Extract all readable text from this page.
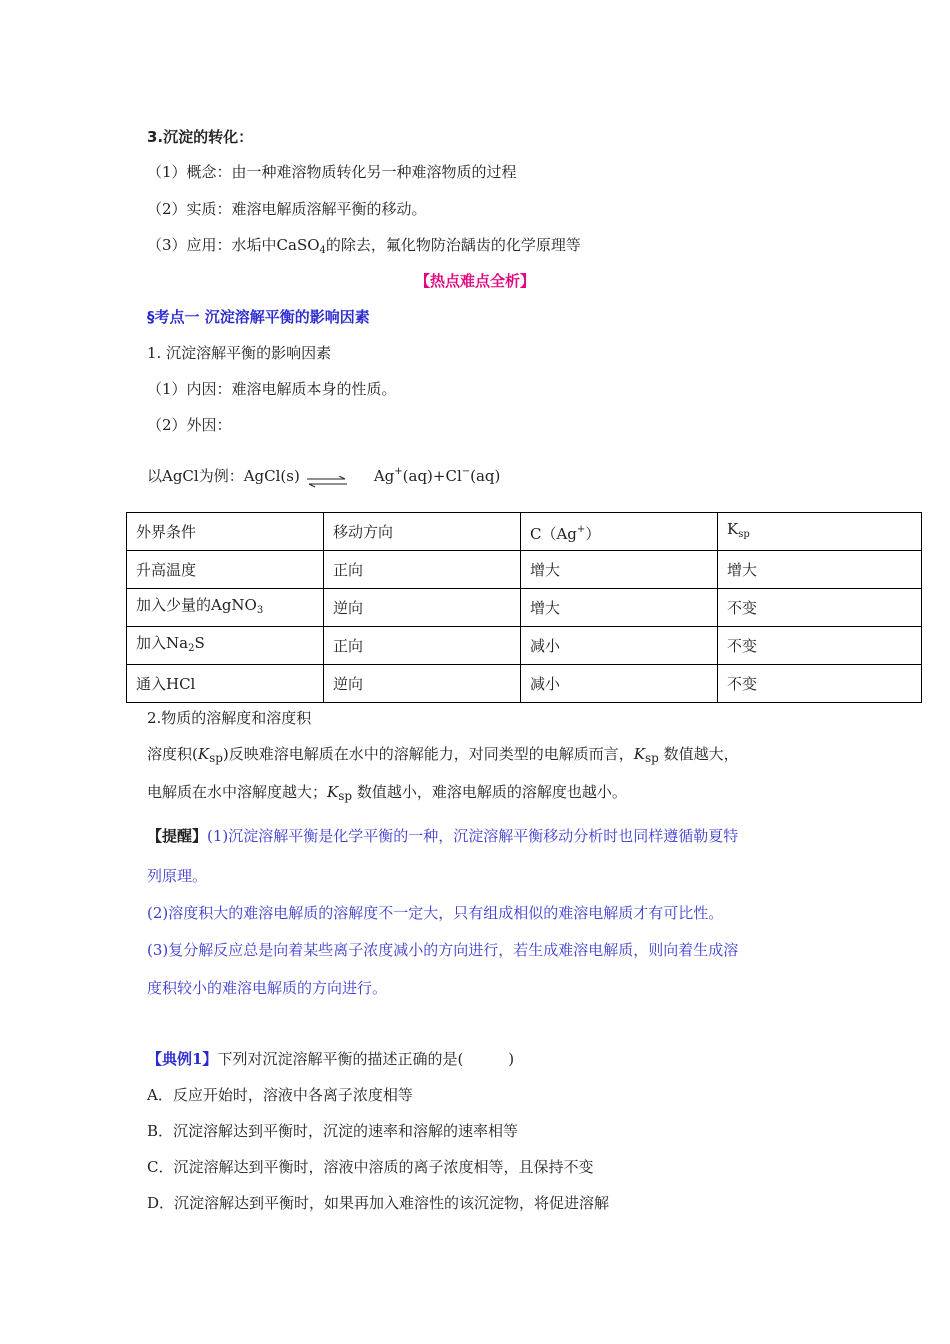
3.沉淀的转化：
（1）概念：由一种难溶物质转化另一种难溶物质的过程
（2）实质：难溶电解质溶解平衡的移动。
（3）应用：水垢中CaSO$_4$的除去，氟化物防治龋齿的化学原理等
【热点难点全析】
§考点一 沉淀溶解平衡的影响因素
1. 沉淀溶解平衡的影响因素
（1）内因：难溶电解质本身的性质。
（2）外因：
以AgCl为例：AgCl(s)	Ag+(aq)+Cl−(aq)
外界条件	移动方向	C（Ag+）	$K_{sp}$
升高温度	正向	增大	增大
加入少量的AgNO$_3$	逆向	增大	不变
加入$Na_2S$	正向	减小	不变
通入HCl	逆向	减小	不变
2.物质的溶解度和溶度积
溶度积$(K_{sp})$反映难溶电解质在水中的溶解能力，对同类型的电解质而言，$K_{sp}$ 数值越大，
电解质在水中溶解度越大；$K_{sp}$ 数值越小，难溶电解质的溶解度也越小。
【提醒】(1)沉淀溶解平衡是化学平衡的一种，沉淀溶解平衡移动分析时也同样遵循勒夏特
列原理。
(2)溶度积大的难溶电解质的溶解度不一定大，只有组成相似的难溶电解质才有可比性。
(3)复分解反应总是向着某些离子浓度减小的方向进行，若生成难溶电解质，则向着生成溶
度积较小的难溶电解质的方向进行。
【典例1】下列对沉淀溶解平衡的描述正确的是(　　　)
A．反应开始时，溶液中各离子浓度相等
B．沉淀溶解达到平衡时，沉淀的速率和溶解的速率相等
C．沉淀溶解达到平衡时，溶液中溶质的离子浓度相等，且保持不变
D．沉淀溶解达到平衡时，如果再加入难溶性的该沉淀物，将促进溶解
